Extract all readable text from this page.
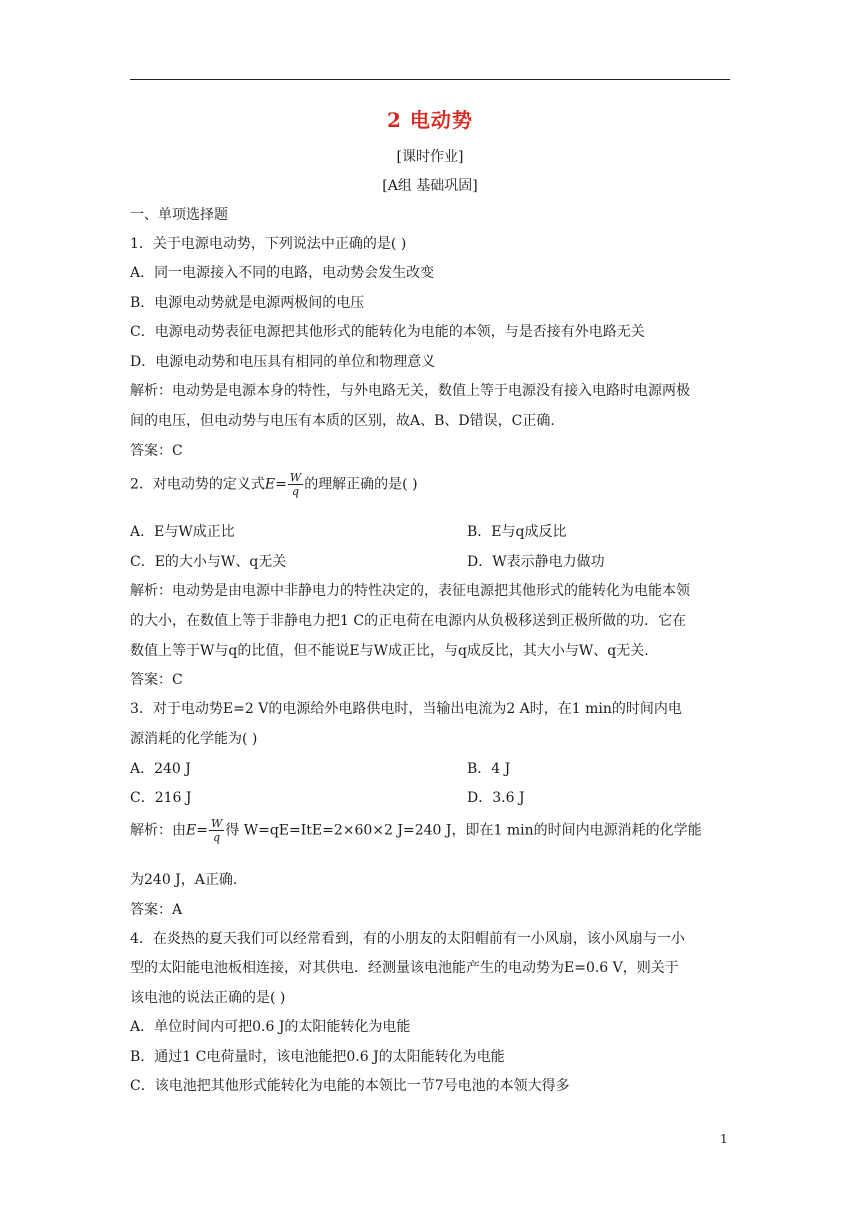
2 电动势
[课时作业]
[A组 基础巩固]
一、单项选择题
1．关于电源电动势，下列说法中正确的是( )
A．同一电源接入不同的电路，电动势会发生改变
B．电源电动势就是电源两极间的电压
C．电源电动势表征电源把其他形式的能转化为电能的本领，与是否接有外电路无关
D．电源电动势和电压具有相同的单位和物理意义
解析：电动势是电源本身的特性，与外电路无关，数值上等于电源没有接入电路时电源两极
间的电压，但电动势与电压有本质的区别，故A、B、D错误，C正确.
答案：C
2．对电动势的定义式$E= \frac{W}{q}$ 的理解正确的是( )
A．E与W成正比	B．E与q成反比
C．E的大小与W、q无关	D．W表示静电力做功
解析：电动势是由电源中非静电力的特性决定的，表征电源把其他形式的能转化为电能本领
的大小，在数值上等于非静电力把1 C的正电荷在电源内从负极移送到正极所做的功．它在
数值上等于W与q的比值，但不能说E与W成正比，与q成反比，其大小与W、q无关.
答案：C
3．对于电动势E=2 V的电源给外电路供电时，当输出电流为2 A时，在1 min的时间内电
源消耗的化学能为( )
A．240 J	B．4 J
C．216 J	D．3.6 J
解析：由$E= \frac{W}{q}$ 得 W=qE=ItE=2×60×2 J=240 J，即在1 min的时间内电源消耗的化学能
为240 J，A正确.
答案：A
4．在炎热的夏天我们可以经常看到，有的小朋友的太阳帽前有一小风扇，该小风扇与一小
型的太阳能电池板相连接，对其供电．经测量该电池能产生的电动势为E=0.6 V，则关于
该电池的说法正确的是( )
A．单位时间内可把0.6 J的太阳能转化为电能
B．通过1 C电荷量时，该电池能把0.6 J的太阳能转化为电能
C．该电池把其他形式能转化为电能的本领比一节7号电池的本领大得多
1
